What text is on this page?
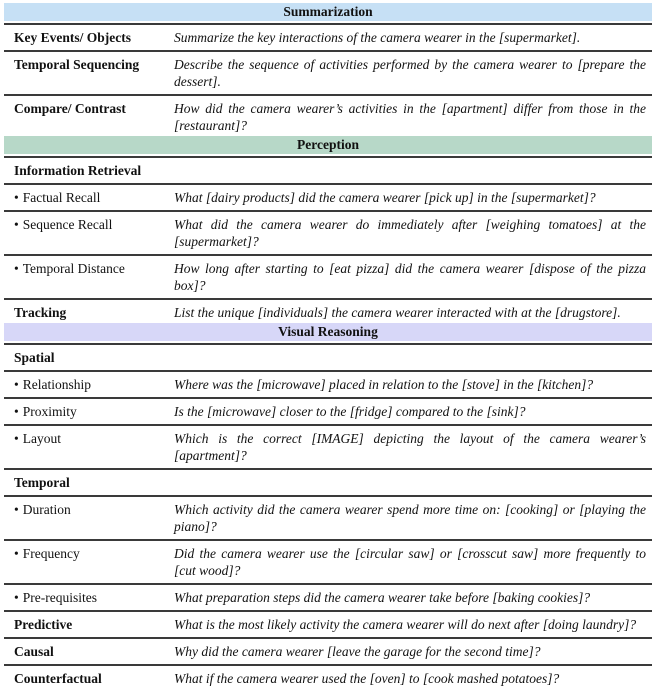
Summarization
Key Events/ Objects	Summarize the key interactions of the camera wearer in the [supermarket].
Temporal Sequencing	Describe the sequence of activities performed by the camera wearer to [prepare the dessert].
Compare/ Contrast	How did the camera wearer’s activities in the [apartment] differ from those in the [restaurant]?
Perception
Information Retrieval
• Factual Recall	What [dairy products] did the camera wearer [pick up] in the [supermarket]?
• Sequence Recall	What did the camera wearer do immediately after [weighing tomatoes] at the [supermarket]?
• Temporal Distance	How long after starting to [eat pizza] did the camera wearer [dispose of the pizza box]?
Tracking	List the unique [individuals] the camera wearer interacted with at the [drugstore].
Visual Reasoning
Spatial
• Relationship	Where was the [microwave] placed in relation to the [stove] in the [kitchen]?
• Proximity	Is the [microwave] closer to the [fridge] compared to the [sink]?
• Layout	Which is the correct [IMAGE] depicting the layout of the camera wearer’s [apartment]?
Temporal
• Duration	Which activity did the camera wearer spend more time on: [cooking] or [playing the piano]?
• Frequency	Did the camera wearer use the [circular saw] or [crosscut saw] more frequently to [cut wood]?
• Pre-requisites	What preparation steps did the camera wearer take before [baking cookies]?
Predictive	What is the most likely activity the camera wearer will do next after [doing laundry]?
Causal	Why did the camera wearer [leave the garage for the second time]?
Counterfactual	What if the camera wearer used the [oven] to [cook mashed potatoes]?
